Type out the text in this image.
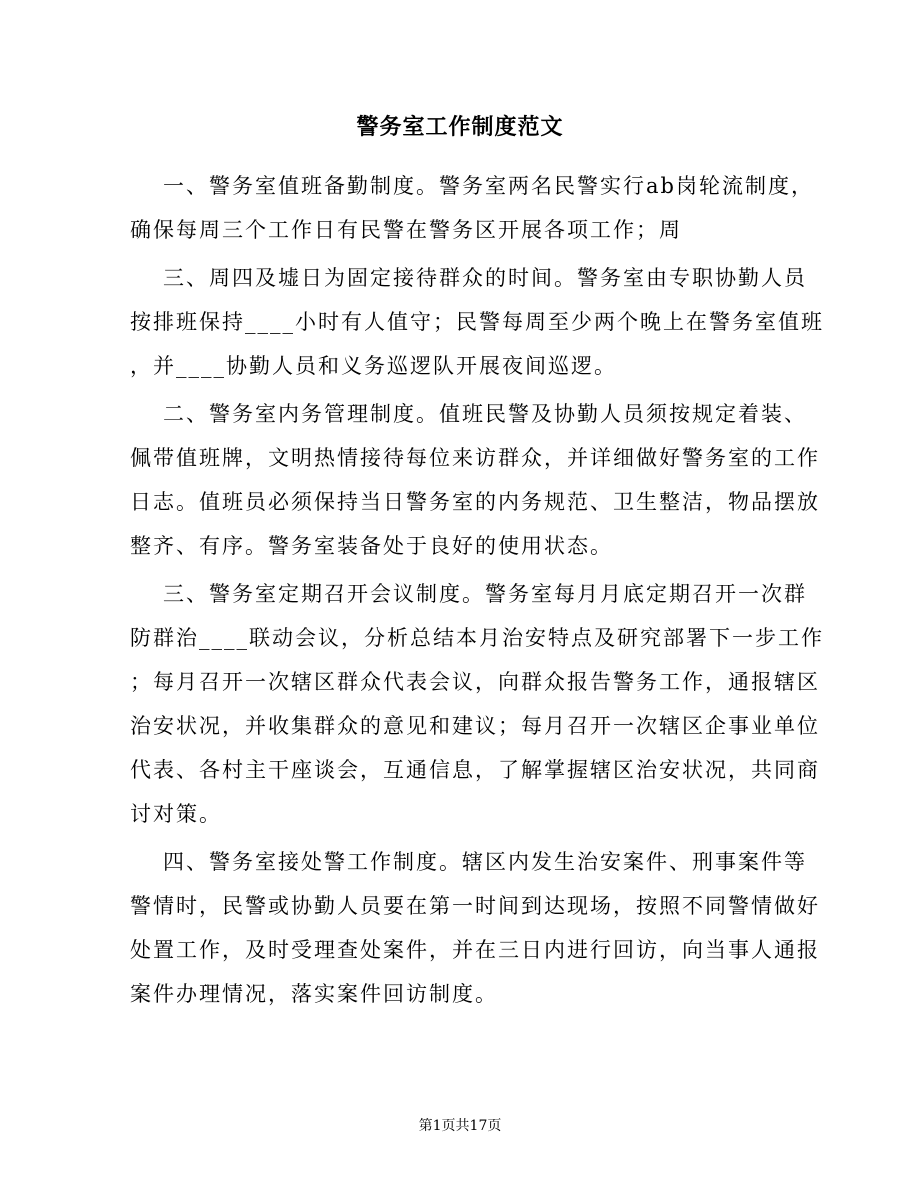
警务室工作制度范文
一、警务室值班备勤制度。警务室两名民警实行ab岗轮流制度，
确保每周三个工作日有民警在警务区开展各项工作；周
三、周四及墟日为固定接待群众的时间。警务室由专职协勤人员
按排班保持____小时有人值守；民警每周至少两个晚上在警务室值班
，并____协勤人员和义务巡逻队开展夜间巡逻。
二、警务室内务管理制度。值班民警及协勤人员须按规定着装、
佩带值班牌，文明热情接待每位来访群众，并详细做好警务室的工作
日志。值班员必须保持当日警务室的内务规范、卫生整洁，物品摆放
整齐、有序。警务室装备处于良好的使用状态。
三、警务室定期召开会议制度。警务室每月月底定期召开一次群
防群治____联动会议，分析总结本月治安特点及研究部署下一步工作
；每月召开一次辖区群众代表会议，向群众报告警务工作，通报辖区
治安状况，并收集群众的意见和建议；每月召开一次辖区企事业单位
代表、各村主干座谈会，互通信息，了解掌握辖区治安状况，共同商
讨对策。
四、警务室接处警工作制度。辖区内发生治安案件、刑事案件等
警情时，民警或协勤人员要在第一时间到达现场，按照不同警情做好
处置工作，及时受理查处案件，并在三日内进行回访，向当事人通报
案件办理情况，落实案件回访制度。
第1页共17页
